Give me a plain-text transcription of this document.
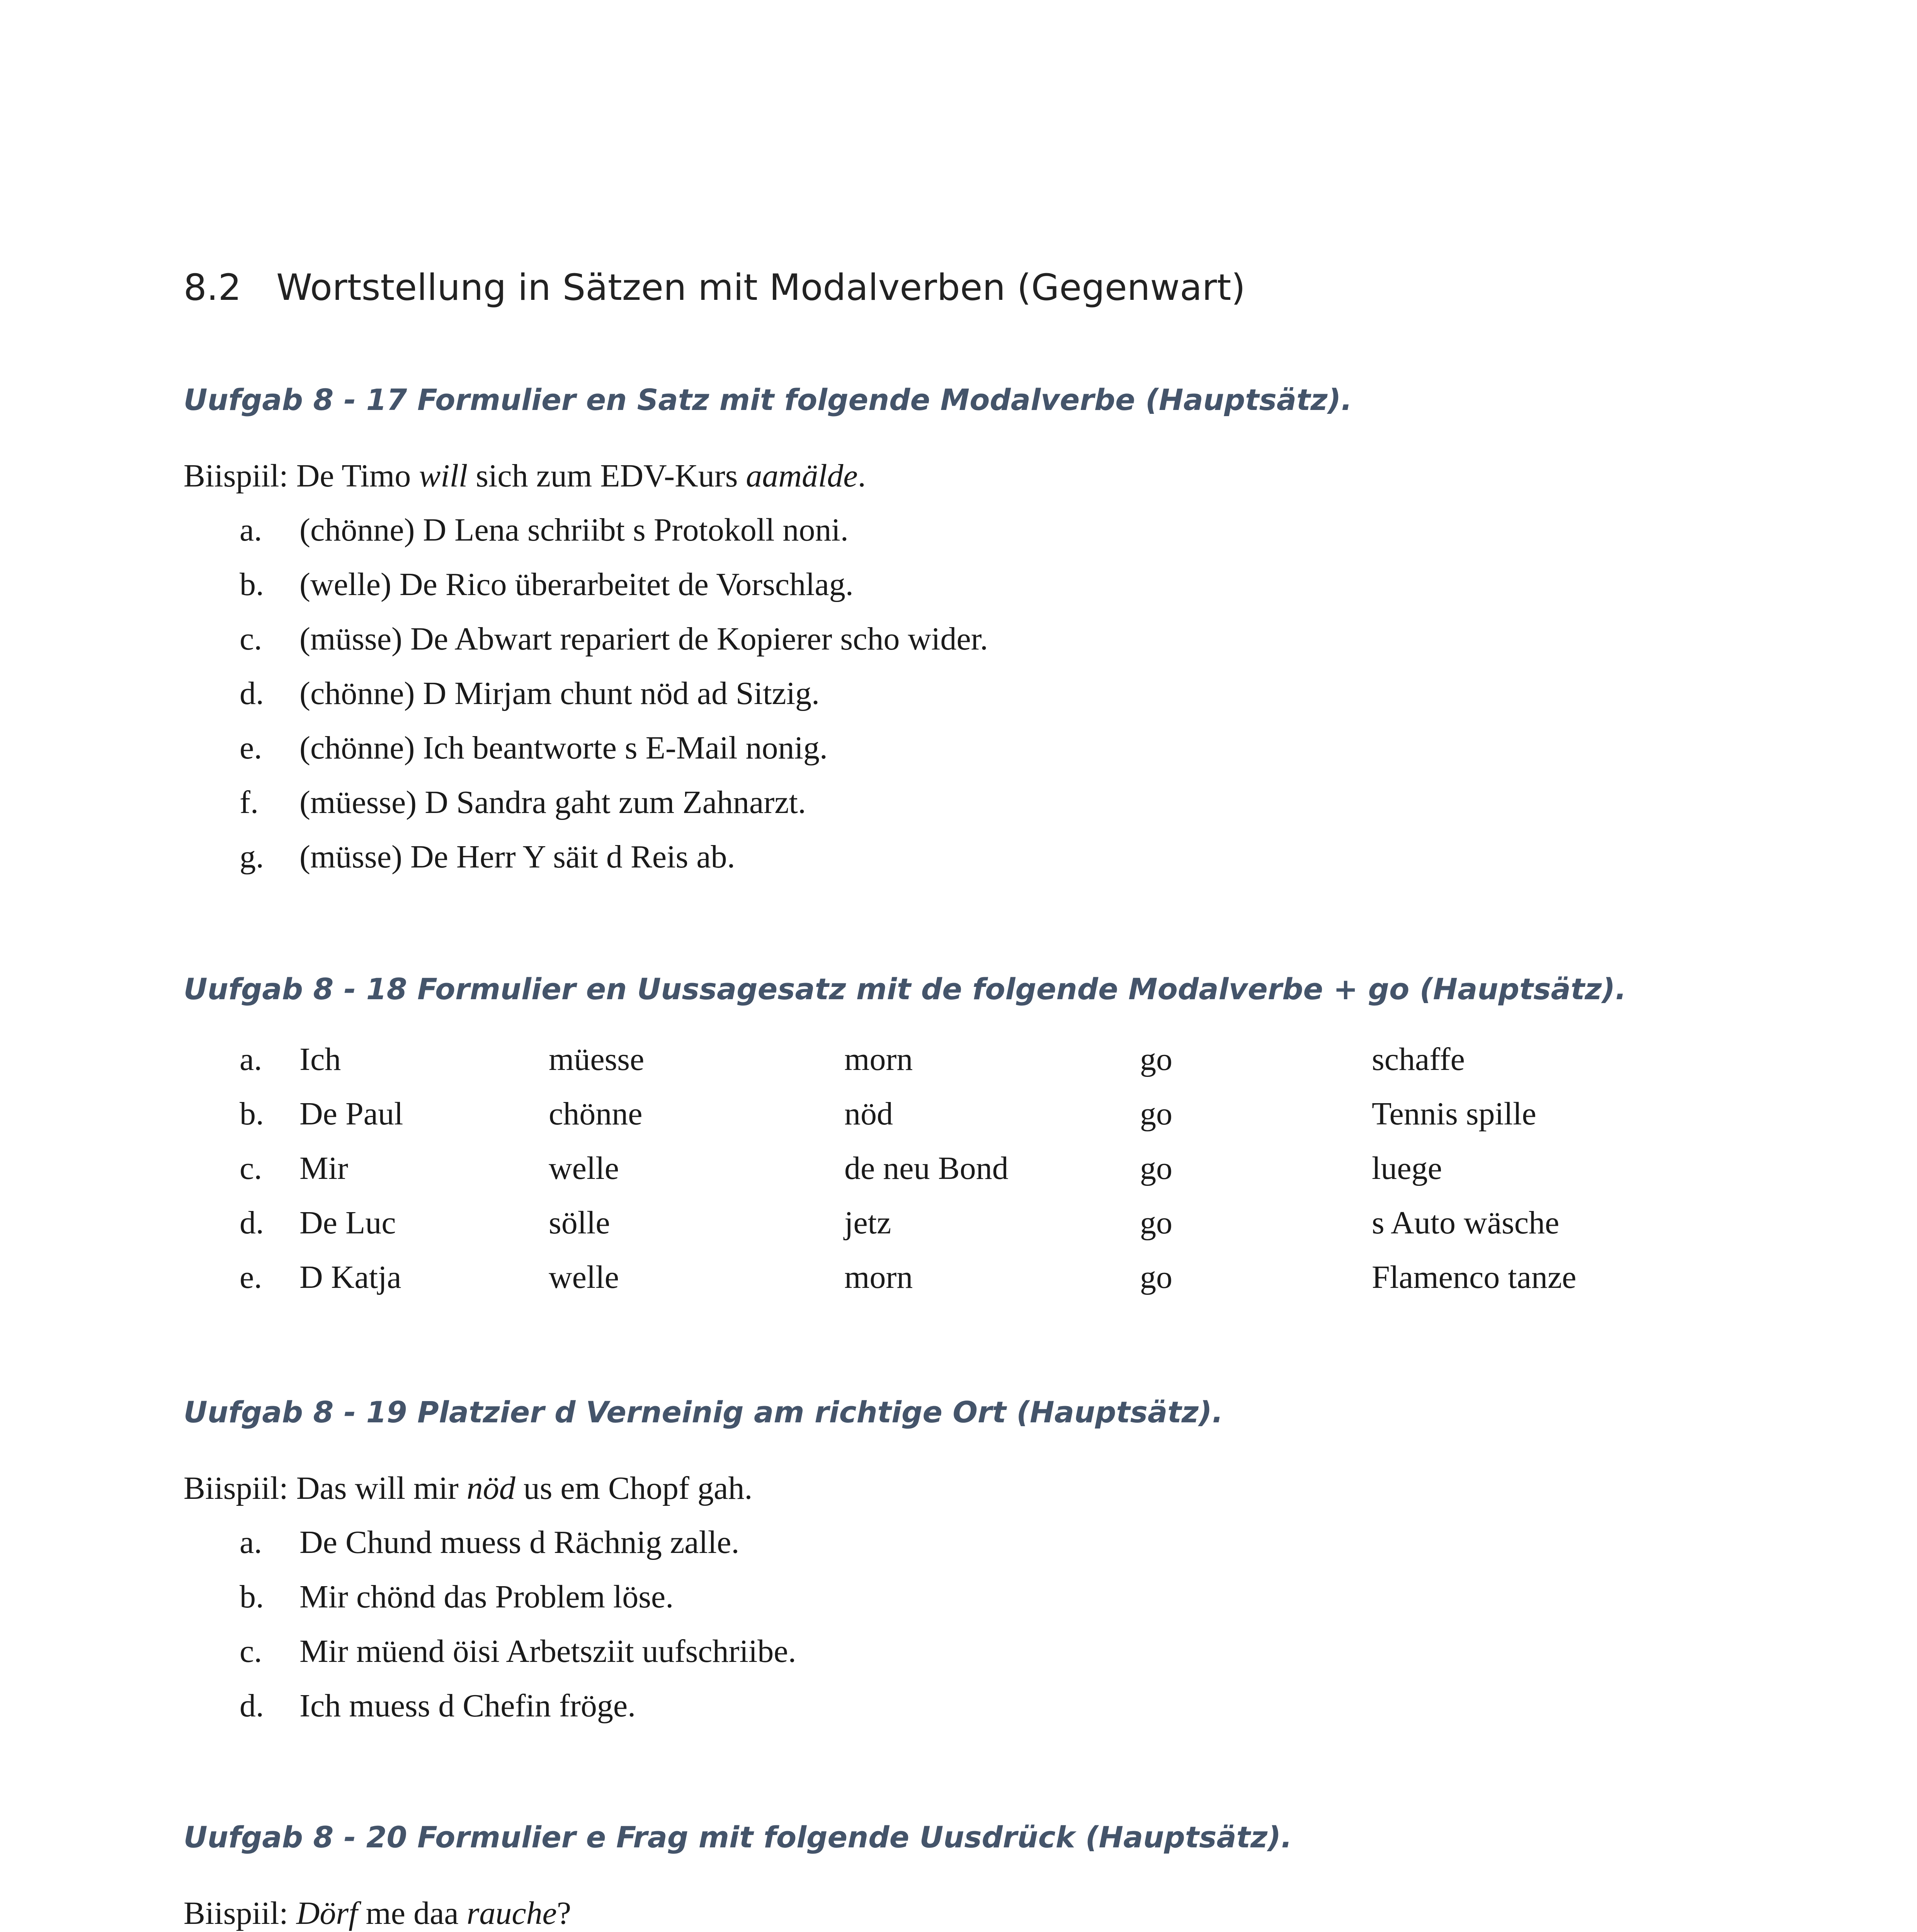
8.2 Wortstellung in Sätzen mit Modalverben (Gegenwart)
Uufgab 8 - 17 Formulier en Satz mit folgende Modalverbe (Hauptsätz).
Biispiil: De Timo will sich zum EDV-Kurs aamälde.
a. (chönne) D Lena schriibt s Protokoll noni.
b. (welle) De Rico überarbeitet de Vorschlag.
c. (müsse) De Abwart repariert de Kopierer scho wider.
d. (chönne) D Mirjam chunt nöd ad Sitzig.
e. (chönne) Ich beantworte s E-Mail nonig.
f. (müesse) D Sandra gaht zum Zahnarzt.
g. (müsse) De Herr Y säit d Reis ab.
Uufgab 8 - 18 Formulier en Uussagesatz mit de folgende Modalverbe + go (Hauptsätz).
a. Ich	müesse	morn	go	schaffe
b. De Paul	chönne	nöd	go	Tennis spille
c. Mir	welle	de neu Bond	go	luege
d. De Luc	sölle	jetz	go	s Auto wäsche
e. D Katja	welle	morn	go	Flamenco tanze
Uufgab 8 - 19 Platzier d Verneinig am richtige Ort (Hauptsätz).
Biispiil: Das will mir nöd us em Chopf gah.
a. De Chund muess d Rächnig zalle.
b. Mir chönd das Problem löse.
c. Mir müend öisi Arbetsziit uufschriibe.
d. Ich muess d Chefin fröge.
Uufgab 8 - 20 Formulier e Frag mit folgende Uusdrück (Hauptsätz).
Biispiil: Dörf me daa rauche?
